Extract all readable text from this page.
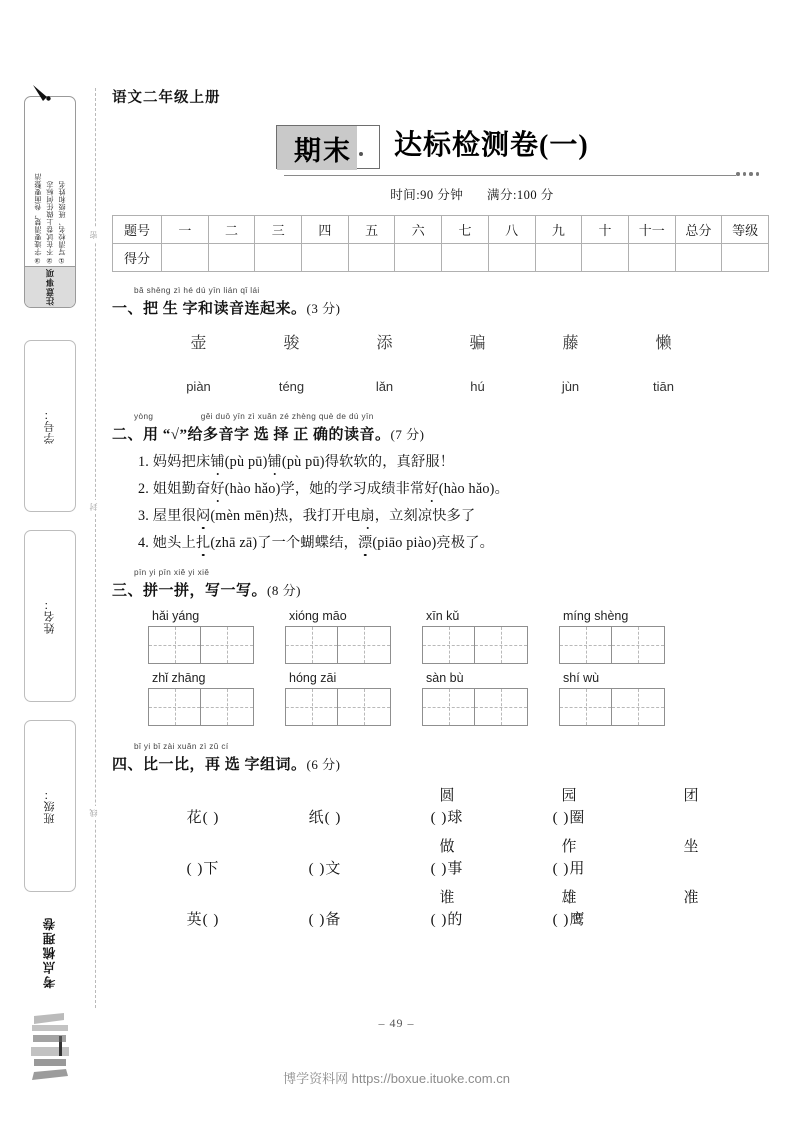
①写清校名、班级和姓名
②不在试卷上做任何标志
③字迹要清楚，卷面要整洁
注意事项
学号：
姓名：
班级：
考点梳理卷
密
封
线
语文二年级上册
期末	达标检测卷(一)
时间:90 分钟 满分:100 分
题号	一	二	三	四	五	六	七	八	九	十	十一	总分	等级
得分													
bǎ shēng zì hé dú yīn lián qǐ lái
一、把 生 字和读音连起来。(3 分)
壶	骏	添	骗	藤	懒
piàn	téng	lǎn	hú	jùn	tiān
yòng	gěi duō yīn zì xuǎn zé zhèng què de dú yīn
二、用 “√”给多音字 选 择 正 确的读音。(7 分)
1. 妈妈把床铺(pù pū)铺(pù pū)得软软的，真舒服！
2. 姐姐勤奋好(hào hǎo)学，她的学习成绩非常好(hào hǎo)。
3. 屋里很闷(mèn mēn)热，我打开电扇，立刻凉快多了
4. 她头上扎(zhā zā)了一个蝴蝶结，漂(piāo piào)亮极了。
pīn yi pīn xiě yi xiě
三、拼一拼，写一写。(8 分)
hǎi yáng	xióng māo	xīn kǔ	míng shèng
zhǐ zhāng	hóng zāi	sàn bù	shí wù
bǐ yi bǐ zài xuǎn zì zǔ cí
四、比一比，再 选 字组词。(6 分)
圆	园	团
花( )	纸( )	( )球	( )圈
做	作	坐
( )下	( )文	( )事	( )用
谁	雄	准
英( )	( )备	( )的	( )鹰
– 49 –
博学资料网 https://boxue.ituoke.com.cn
